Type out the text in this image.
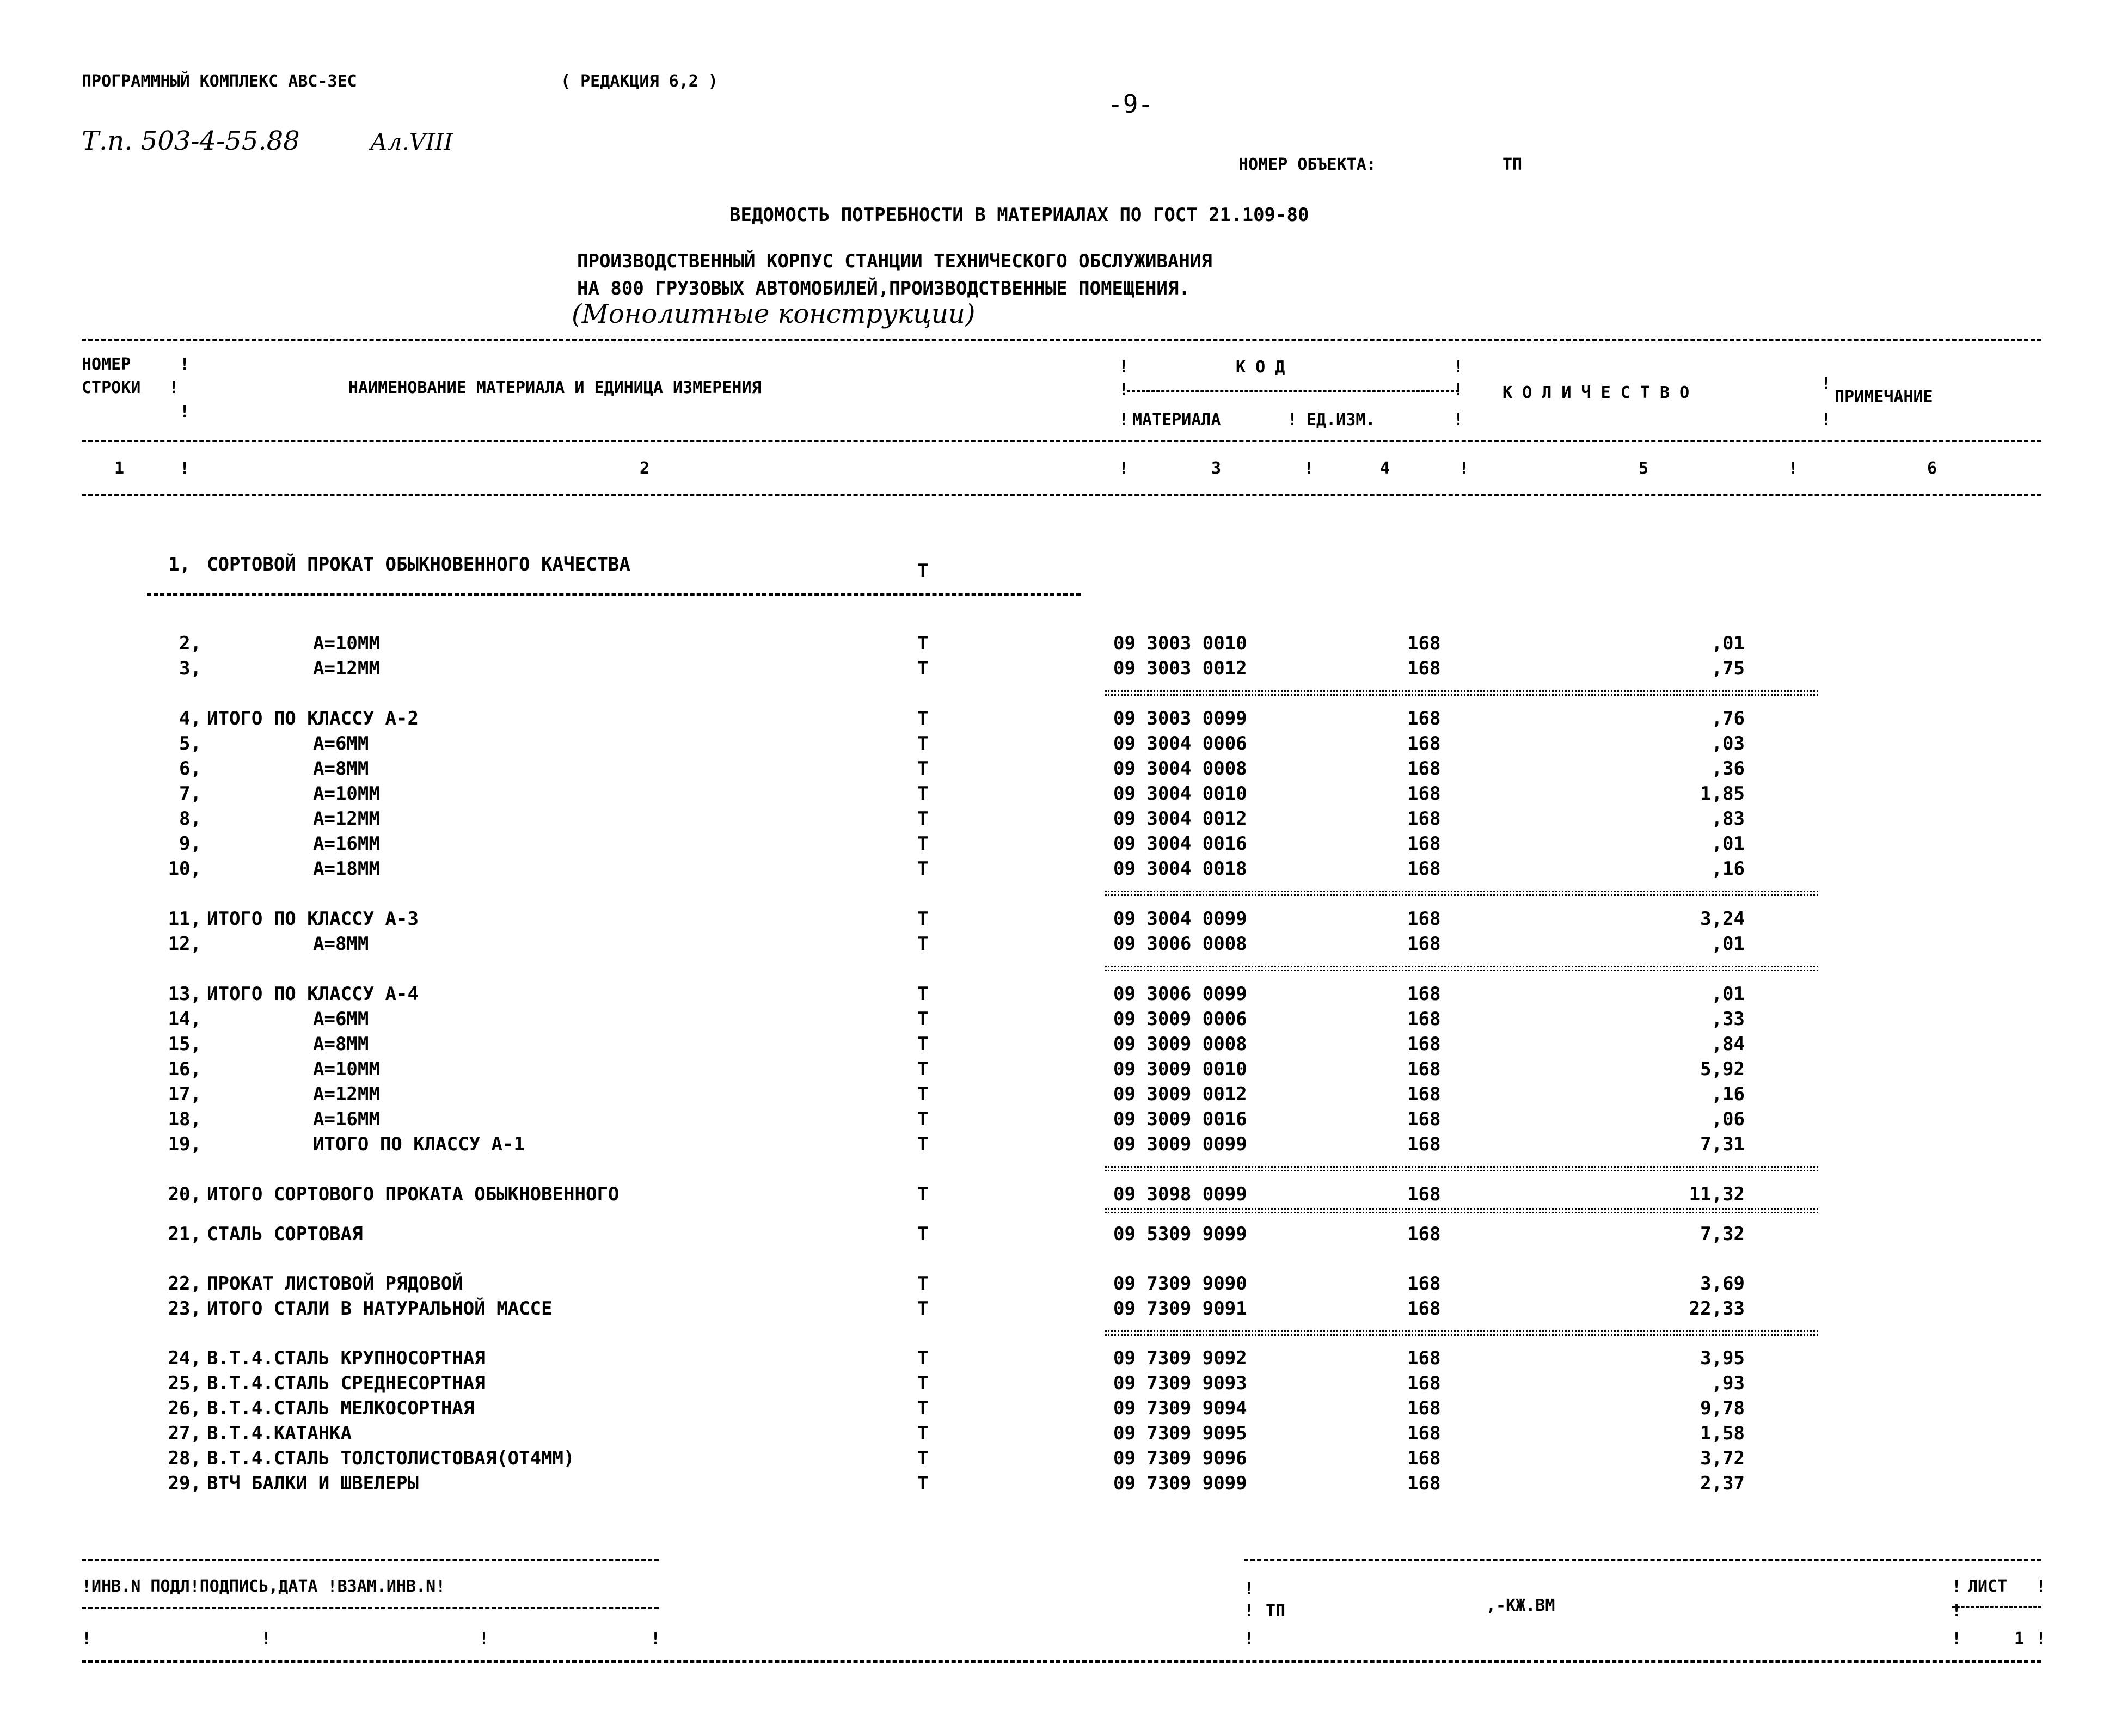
ПРОГРАММНЫЙ КОМПЛЕКС АВС-ЗЕС	( РЕДАКЦИЯ 6,2 )
-9-
Т.п. 503-4-55.88	Ал.VIII
НОМЕР ОБЪЕКТА:	ТП
ВЕДОМОСТЬ ПОТРЕБНОСТИ В МАТЕРИАЛАХ ПО ГОСТ 21.109-80
ПРОИЗВОДСТВЕННЫЙ КОРПУС СТАНЦИИ ТЕХНИЧЕСКОГО ОБСЛУЖИВАНИЯ
НА 800 ГРУЗОВЫХ АВТОМОБИЛЕЙ,ПРОИЗВОДСТВЕННЫЕ ПОМЕЩЕНИЯ.
(Монолитные конструкции)
НОМЕР	!
СТРОКИ !
!
НАИМЕНОВАНИЕ МАТЕРИАЛА И ЕДИНИЦА ИЗМЕРЕНИЯ
!	К О Д	!
!	!
! МАТЕРИАЛА	! ЕД.ИЗМ.	!
К О Л И Ч Е С Т В О	!
ПРИМЕЧАНИЕ
!
1	!	2	!	3	!	4	!	5	!	6
1, СОРТОВОЙ ПРОКАТ ОБЫКНОВЕННОГО КАЧЕСТВА	Т
2,	А=10ММ	Т	09 3003 0010	168	,01
3,	А=12ММ	Т	09 3003 0012	168	,75
4, ИТОГО ПО КЛАССУ А-2	Т	09 3003 0099	168	,76
5,	А=6ММ	Т	09 3004 0006	168	,03
6,	А=8ММ	Т	09 3004 0008	168	,36
7,	А=10ММ	Т	09 3004 0010	168	1,85
8,	А=12ММ	Т	09 3004 0012	168	,83
9,	А=16ММ	Т	09 3004 0016	168	,01
10,	А=18ММ	Т	09 3004 0018	168	,16
11, ИТОГО ПО КЛАССУ А-3	Т	09 3004 0099	168	3,24
12,	А=8ММ	Т	09 3006 0008	168	,01
13, ИТОГО ПО КЛАССУ А-4	Т	09 3006 0099	168	,01
14,	А=6ММ	Т	09 3009 0006	168	,33
15,	А=8ММ	Т	09 3009 0008	168	,84
16,	А=10ММ	Т	09 3009 0010	168	5,92
17,	А=12ММ	Т	09 3009 0012	168	,16
18,	А=16ММ	Т	09 3009 0016	168	,06
19,	ИТОГО ПО КЛАССУ А-1	Т	09 3009 0099	168	7,31
20, ИТОГО СОРТОВОГО ПРОКАТА ОБЫКНОВЕННОГО	Т	09 3098 0099	168	11,32
21, СТАЛЬ СОРТОВАЯ	Т	09 5309 9099	168	7,32
22, ПРОКАТ ЛИСТОВОЙ РЯДОВОЙ	Т	09 7309 9090	168	3,69
23, ИТОГО СТАЛИ В НАТУРАЛЬНОЙ МАССЕ	Т	09 7309 9091	168	22,33
24, В.Т.4.СТАЛЬ КРУПНОСОРТНАЯ	Т	09 7309 9092	168	3,95
25, В.Т.4.СТАЛЬ СРЕДНЕСОРТНАЯ	Т	09 7309 9093	168	,93
26, В.Т.4.СТАЛЬ МЕЛКОСОРТНАЯ	Т	09 7309 9094	168	9,78
27, В.Т.4.КАТАНКА	Т	09 7309 9095	168	1,58
28, В.Т.4.СТАЛЬ ТОЛСТОЛИСТОВАЯ(ОТ4ММ)	Т	09 7309 9096	168	3,72
29, ВТЧ БАЛКИ И ШВЕЛЕРЫ	Т	09 7309 9099	168	2,37
!ИНВ.N ПОДЛ!ПОДПИСЬ,ДАТА !ВЗАМ.ИНВ.N!	!	! ЛИСТ !
! ТП	,-КЖ.ВМ	!
!	!	!	!	!	!	1 !
